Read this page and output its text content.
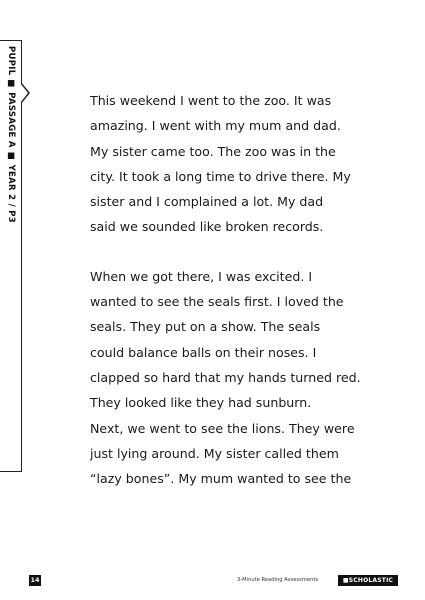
PUPIL ■ PASSAGE A ■ YEAR 2 / P3	This weekend I went to the zoo. It was
amazing. I went with my mum and dad.
My sister came too. The zoo was in the
city. It took a long time to drive there. My
sister and I complained a lot. My dad
said we sounded like broken records.

When we got there, I was excited. I
wanted to see the seals first. I loved the
seals. They put on a show. The seals
could balance balls on their noses. I
clapped so hard that my hands turned red.
They looked like they had sunburn.
Next, we went to see the lions. They were
just lying around. My sister called them
“lazy bones”. My mum wanted to see the

14	3-Minute Reading Assessments	■SCHOLASTIC
